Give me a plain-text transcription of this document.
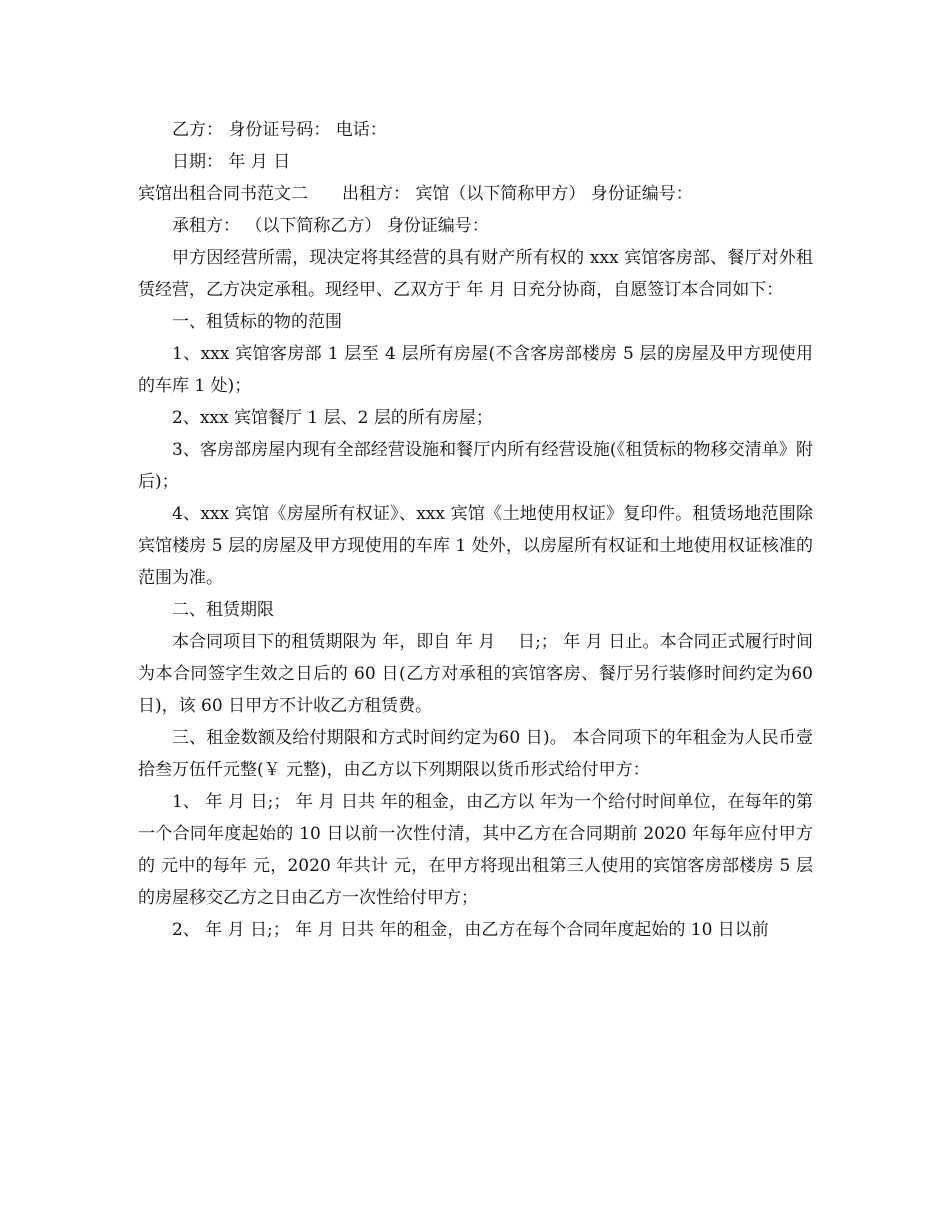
乙方： 身份证号码： 电话：

日期： 年 月 日

宾馆出租合同书范文二　　出租方： 宾馆（以下简称甲方） 身份证编号：

承租方： （以下简称乙方） 身份证编号：

甲方因经营所需，现决定将其经营的具有财产所有权的 xxx 宾馆客房部、餐厅对外租赁经营，乙方决定承租。现经甲、乙双方于 年 月 日充分协商，自愿签订本合同如下：

一、租赁标的物的范围

1、xxx 宾馆客房部 1 层至 4 层所有房屋(不含客房部楼房 5 层的房屋及甲方现使用的车库 1 处)；

2、xxx 宾馆餐厅 1 层、2 层的所有房屋；

3、客房部房屋内现有全部经营设施和餐厅内所有经营设施(《租赁标的物移交清单》附后)；

4、xxx 宾馆《房屋所有权证》、xxx 宾馆《土地使用权证》复印件。租赁场地范围除宾馆楼房 5 层的房屋及甲方现使用的车库 1 处外，以房屋所有权证和土地使用权证核准的范围为准。

二、租赁期限

本合同项目下的租赁期限为 年，即自 年 月　 日;； 年 月 日止。本合同正式履行时间为本合同签字生效之日后的 60 日(乙方对承租的宾馆客房、餐厅另行装修时间约定为60 日)，该 60 日甲方不计收乙方租赁费。

三、租金数额及给付期限和方式时间约定为60 日)。 本合同项下的年租金为人民币壹拾叁万伍仟元整(￥ 元整)，由乙方以下列期限以货币形式给付甲方：

1、 年 月 日;； 年 月 日共 年的租金，由乙方以 年为一个给付时间单位，在每年的第一个合同年度起始的 10 日以前一次性付清，其中乙方在合同期前 2020 年每年应付甲方的 元中的每年 元，2020 年共计 元，在甲方将现出租第三人使用的宾馆客房部楼房 5 层的房屋移交乙方之日由乙方一次性给付甲方；

2、 年 月 日;； 年 月 日共 年的租金，由乙方在每个合同年度起始的 10 日以前
